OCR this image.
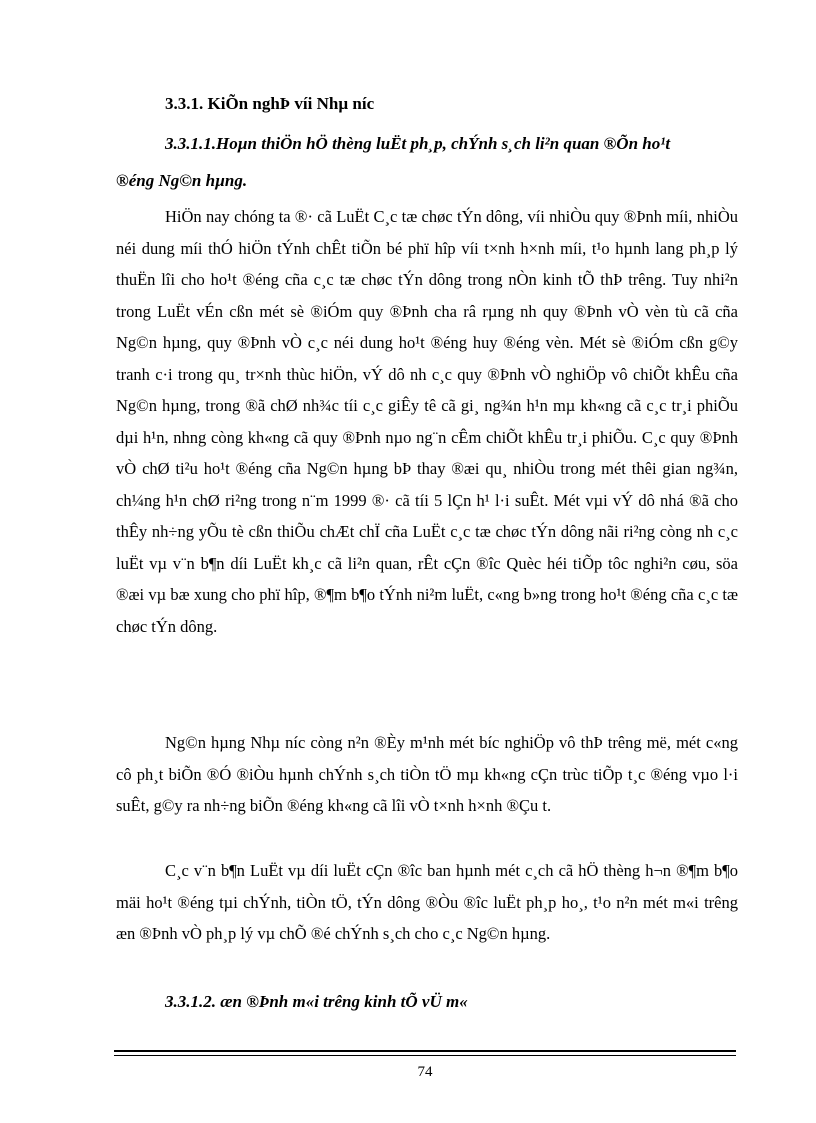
3.3.1. KiÕn nghÞ víi Nhµ níc
3.3.1.1.Hoµn thiÖn hÖ thèng luËt ph¸p, chÝnh s¸ch li²n quan ®Õn ho¹t
®éng Ng©n hµng.
HiÖn nay chóng ta ®· cã LuËt C¸c tæ chøc tÝn dông, víi nhiÒu quy ®Þnh míi, nhiÒu néi dung míi thÓ hiÖn tÝnh chÊt tiÕn bé phï hîp víi t×nh h×nh míi, t¹o hµnh lang ph¸p lý thuËn lîi cho ho¹t ®éng cña c¸c tæ chøc tÝn dông trong nÒn kinh tÕ thÞ trêng. Tuy nhi²n trong LuËt vÉn cßn mét sè ®iÓm quy ®Þnh cha râ rµng nh quy ®Þnh vÒ vèn tù cã cña Ng©n hµng, quy ®Þnh vÒ c¸c néi dung ho¹t ®éng huy ®éng vèn. Mét sè ®iÓm cßn g©y tranh c·i trong qu¸ tr×nh thùc hiÖn, vÝ dô nh c¸c quy ®Þnh vÒ nghiÖp vô chiÕt khÊu cña Ng©n hµng, trong ®ã chØ nh¾c tíi c¸c giÊy tê cã gi¸ ng¾n h¹n mµ kh«ng cã c¸c tr¸i phiÕu dµi h¹n, nhng còng kh«ng cã quy ®Þnh nµo ng¨n cÊm chiÕt khÊu tr¸i phiÕu. C¸c quy ®Þnh vÒ chØ ti²u ho¹t ®éng cña Ng©n hµng bÞ thay ®æi qu¸ nhiÒu trong mét thêi gian ng¾n, ch¼ng h¹n chØ ri²ng trong n¨m 1999 ®· cã tíi 5 lÇn h¹ l·i suÊt. Mét vµi vÝ dô nhá ®ã cho thÊy nh÷ng yÕu tè cßn thiÕu chÆt chÏ cña LuËt c¸c tæ chøc tÝn dông nãi ri²ng còng nh c¸c luËt vµ v¨n b¶n díi LuËt kh¸c cã li²n quan, rÊt cÇn ®îc Quèc héi tiÕp tôc nghi²n cøu, söa ®æi vµ bæ xung cho phï hîp, ®¶m b¶o tÝnh ni²m luËt, c«ng b»ng trong ho¹t ®éng cña c¸c tæ chøc tÝn dông.
Ng©n hµng Nhµ níc còng n²n ®Èy m¹nh mét bíc nghiÖp vô thÞ trêng më, mét c«ng cô ph¸t biÕn ®Ó ®iÒu hµnh chÝnh s¸ch tiÒn tÖ mµ kh«ng cÇn trùc tiÕp t¸c ®éng vµo l·i suÊt, g©y ra nh÷ng biÕn ®éng kh«ng cã lîi vÒ t×nh h×nh ®Çu t.
C¸c v¨n b¶n LuËt vµ díi luËt cÇn ®îc ban hµnh mét c¸ch cã hÖ thèng h¬n ®¶m b¶o mäi ho¹t ®éng tµi chÝnh, tiÒn tÖ, tÝn dông ®Òu ®îc luËt ph¸p ho¸, t¹o n²n mét m«i trêng æn ®Þnh vÒ ph¸p lý vµ chÕ ®é chÝnh s¸ch cho c¸c Ng©n hµng.
3.3.1.2. æn ®Þnh m«i trêng kinh tÕ vÜ m«
74
